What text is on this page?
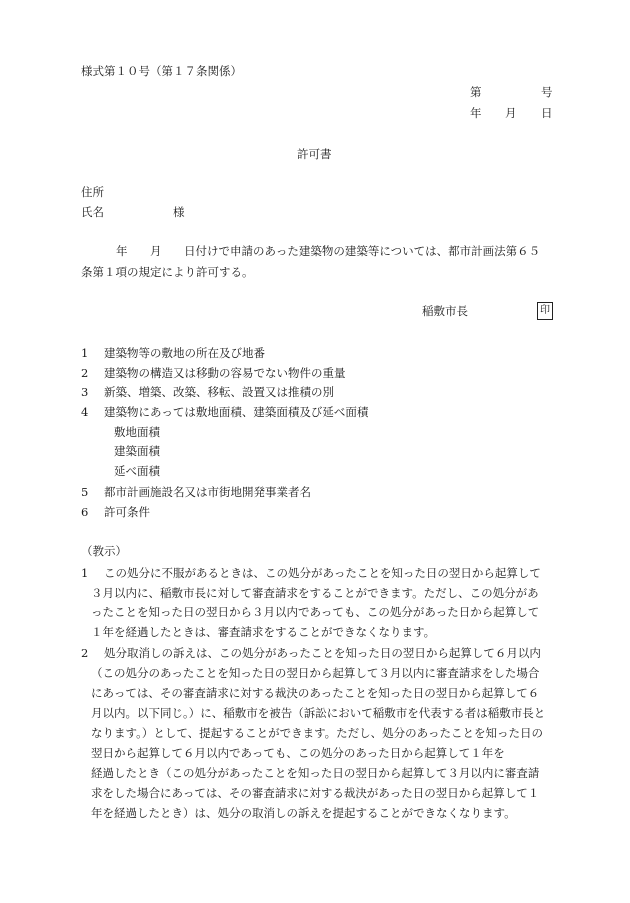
様式第１０号（第１７条関係）
第	号
年 月 日
許可書
住所
氏名	様
年 月 日付けで申請のあった建築物の建築等については、都市計画法第６５
条第１項の規定により許可する。
稲敷市長	印
1 建築物等の敷地の所在及び地番
2 建築物の構造又は移動の容易でない物件の重量
3 新築、増築、改築、移転、設置又は推積の別
4 建築物にあっては敷地面積、建築面積及び延べ面積
敷地面積
建築面積
延べ面積
5 都市計画施設名又は市街地開発事業者名
6 許可条件
（教示）
1 この処分に不服があるときは、この処分があったことを知った日の翌日から起算して
３月以内に、稲敷市長に対して審査請求をすることができます。ただし、この処分があ
ったことを知った日の翌日から３月以内であっても、この処分があった日から起算して
１年を経過したときは、審査請求をすることができなくなります。
2 処分取消しの訴えは、この処分があったことを知った日の翌日から起算して６月以内
（この処分のあったことを知った日の翌日から起算して３月以内に審査請求をした場合
にあっては、その審査請求に対する裁決のあったことを知った日の翌日から起算して６
月以内。以下同じ。）に、稲敷市を被告（訴訟において稲敷市を代表する者は稲敷市長と
なります。）として、提起することができます。ただし、処分のあったことを知った日の
翌日から起算して６月以内であっても、この処分のあった日から起算して１年を
経過したとき（この処分があったことを知った日の翌日から起算して３月以内に審査請
求をした場合にあっては、その審査請求に対する裁決があった日の翌日から起算して１
年を経過したとき）は、処分の取消しの訴えを提起することができなくなります。
